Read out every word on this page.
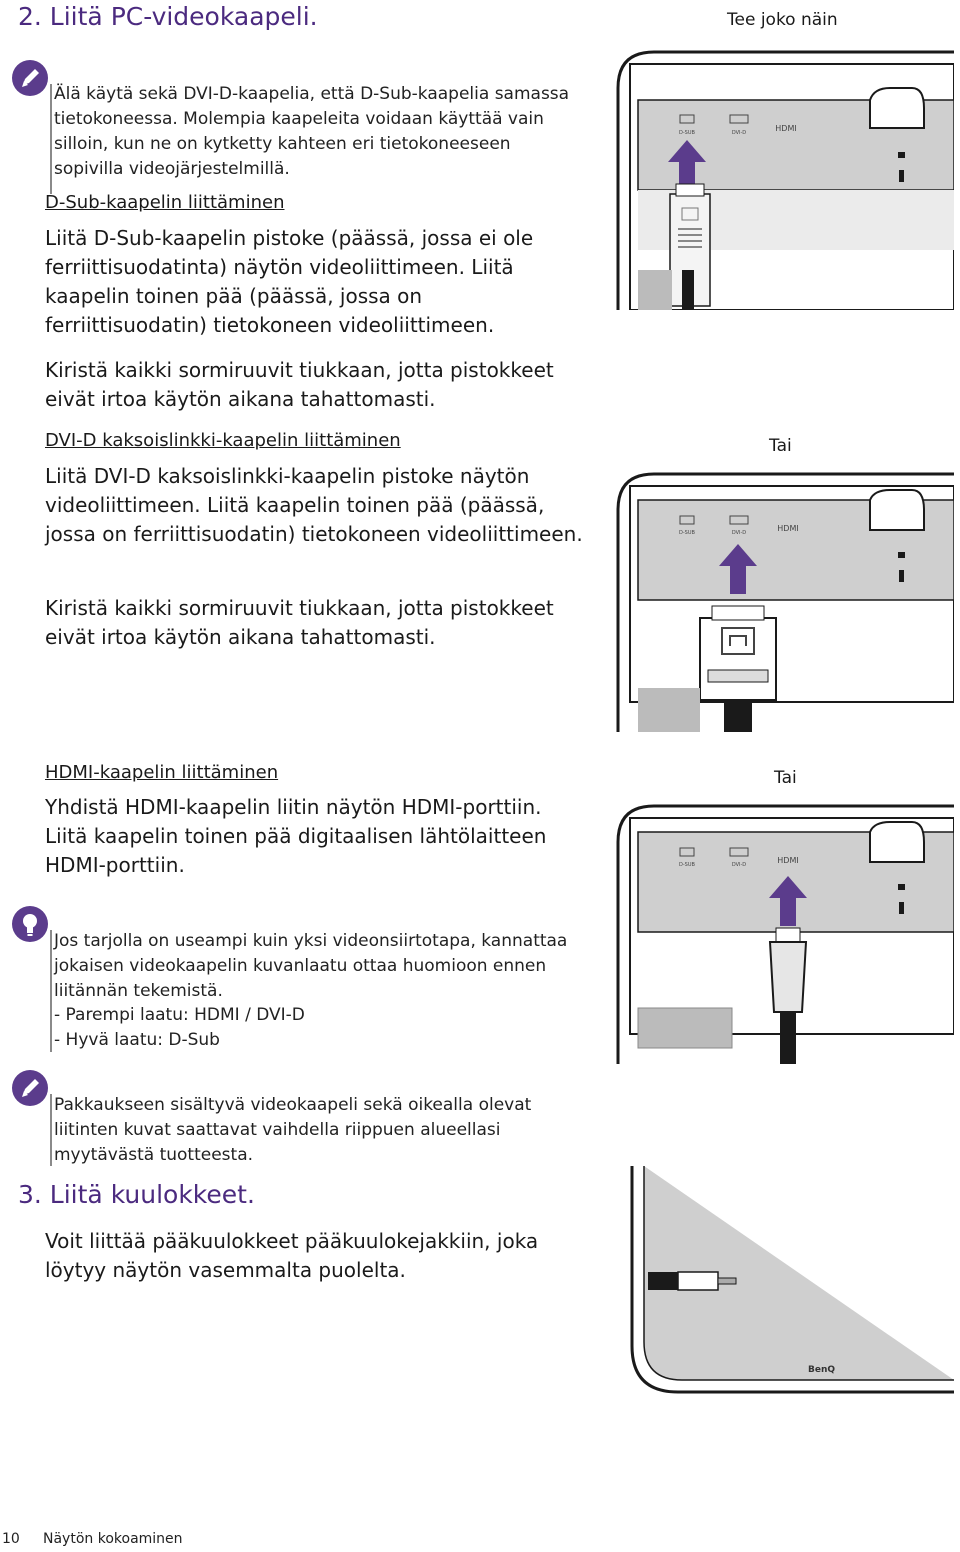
2. Liitä PC-videokaapeli.
Älä käytä sekä DVI-D-kaapelia, että D-Sub-kaapelia samassa tietokoneessa. Molempia kaapeleita voidaan käyttää vain silloin, kun ne on kytketty kahteen eri tietokoneeseen sopivilla videojärjestelmillä.
D-Sub-kaapelin liittäminen
Liitä D-Sub-kaapelin pistoke (päässä, jossa ei ole ferriittisuodatinta) näytön videoliittimeen. Liitä kaapelin toinen pää (päässä, jossa on ferriittisuodatin) tietokoneen videoliittimeen.
Kiristä kaikki sormiruuvit tiukkaan, jotta pistokkeet eivät irtoa käytön aikana tahattomasti.
DVI-D kaksoislinkki-kaapelin liittäminen
Liitä DVI-D kaksoislinkki-kaapelin pistoke näytön videoliittimeen. Liitä kaapelin toinen pää (päässä, jossa on ferriittisuodatin) tietokoneen videoliittimeen.
Kiristä kaikki sormiruuvit tiukkaan, jotta pistokkeet eivät irtoa käytön aikana tahattomasti.
HDMI-kaapelin liittäminen
Yhdistä HDMI-kaapelin liitin näytön HDMI-porttiin. Liitä kaapelin toinen pää digitaalisen lähtölaitteen HDMI-porttiin.
Jos tarjolla on useampi kuin yksi videonsiirtotapa, kannattaa jokaisen videokaapelin kuvanlaatu ottaa huomioon ennen liitännän tekemistä.
- Parempi laatu: HDMI / DVI-D
- Hyvä laatu: D-Sub
Pakkaukseen sisältyvä videokaapeli sekä oikealla olevat liitinten kuvat saattavat vaihdella riippuen alueellasi myytävästä tuotteesta.
3. Liitä kuulokkeet.
Voit liittää pääkuulokkeet pääkuulokejakkiin, joka löytyy näytön vasemmalta puolelta.
Tee joko näin
Tai
Tai
D-SUB	DVI-D	HDMI
D-SUB	DVI-D	HDMI
D-SUB	DVI-D	HDMI
BenQ
10 Näytön kokoaminen
